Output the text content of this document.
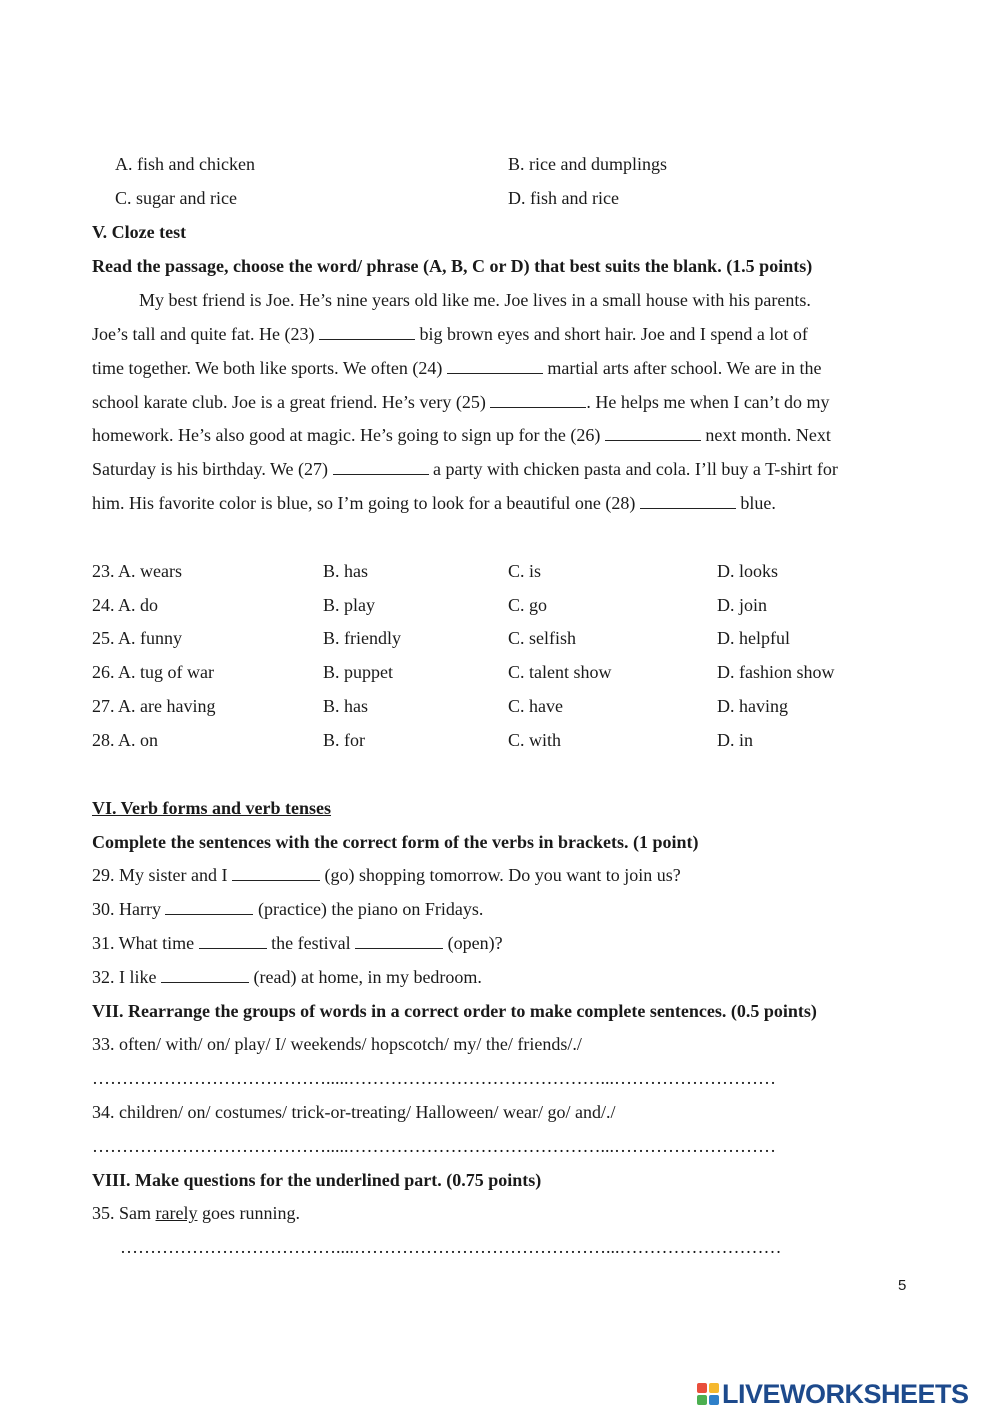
A. fish and chicken	B. rice and dumplings
C. sugar and rice	D. fish and rice
V. Cloze test
Read the passage, choose the word/ phrase (A, B, C or D) that best suits the blank. (1.5 points)
My best friend is Joe. He’s nine years old like me. Joe lives in a small house with his parents.
Joe’s tall and quite fat. He (23)	big brown eyes and short hair. Joe and I spend a lot of
time together. We both like sports. We often (24)	martial arts after school. We are in the
school karate club. Joe is a great friend. He’s very (25)	. He helps me when I can’t do my
homework. He’s also good at magic. He’s going to sign up for the (26)	next month. Next
Saturday is his birthday. We (27)	a party with chicken pasta and cola. I’ll buy a T-shirt for
him. His favorite color is blue, so I’m going to look for a beautiful one (28)	blue.
23. A. wears	B. has	C. is	D. looks
24. A. do	B. play	C. go	D. join
25. A. funny	B. friendly	C. selfish	D. helpful
26. A. tug of war	B. puppet	C. talent show	D. fashion show
27. A. are having	B. has	C. have	D. having
28. A. on	B. for	C. with	D. in
VI. Verb forms and verb tenses
Complete the sentences with the correct form of the verbs in brackets. (1 point)
29. My sister and I	(go) shopping tomorrow. Do you want to join us?
30. Harry	(practice) the piano on Fridays.
31. What time	the festival	(open)?
32. I like	(read) at home, in my bedroom.
VII. Rearrange the groups of words in a correct order to make complete sentences. (0.5 points)
33. often/ with/ on/ play/ I/ weekends/ hopscotch/ my/ the/ friends/./
………………………………….....……………………………………...………………………
34. children/ on/ costumes/ trick-or-treating/ Halloween/ wear/ go/ and/./
………………………………….....……………………………………...………………………
VIII. Make questions for the underlined part. (0.75 points)
35. Sam rarely goes running.
………………………………....……………………………………...………………………
5
LIVEWORKSHEETS
